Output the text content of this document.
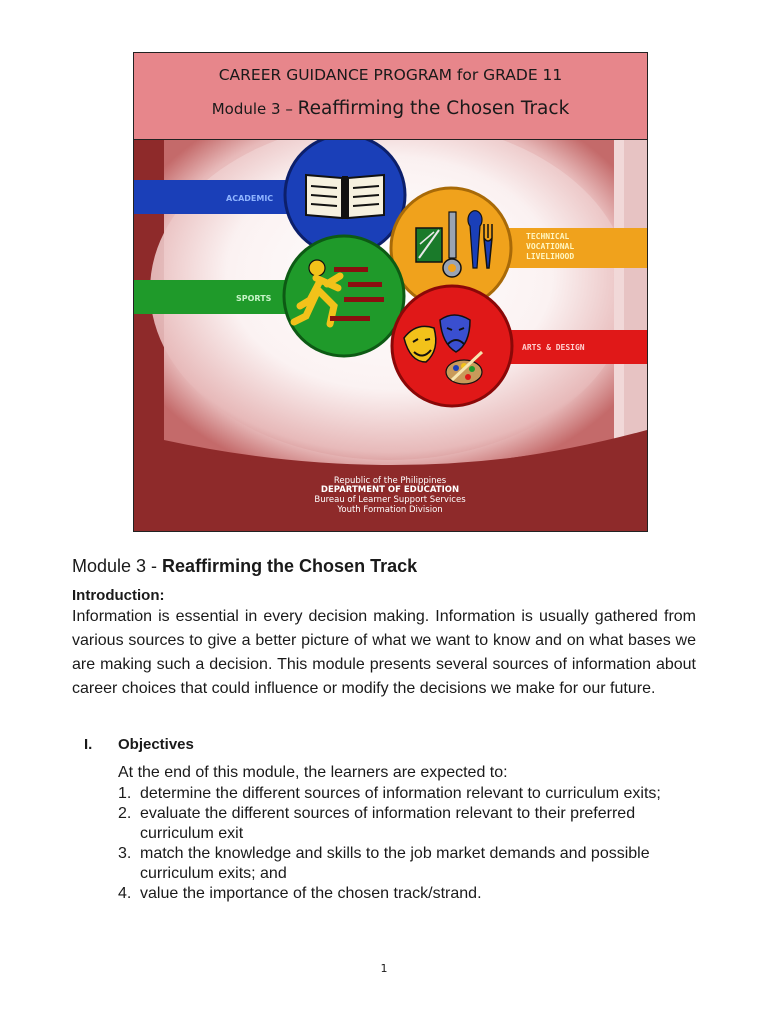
CAREER GUIDANCE PROGRAM for GRADE 11
Module 3 – Reaffirming the Chosen Track
ACADEMIC
TECHNICAL
VOCATIONAL
LIVELIHOOD
SPORTS
ARTS & DESIGN
Republic of the Philippines
DEPARTMENT OF EDUCATION
Bureau of Learner Support Services
Youth Formation Division
Module 3 - Reaffirming the Chosen Track
Introduction:

Information is essential in every decision making. Information is usually gathered from various sources to give a better picture of what we want to know and on what bases we are making such a decision. This module presents several sources of information about career choices that could influence or modify the decisions we make for our future.

I. Objectives
At the end of this module, the learners are expected to:
1. determine the different sources of information relevant to curriculum exits;
2. evaluate the different sources of information relevant to their preferred curriculum exit
3. match the knowledge and skills to the job market demands and possible curriculum exits; and
4. value the importance of the chosen track/strand.
1
